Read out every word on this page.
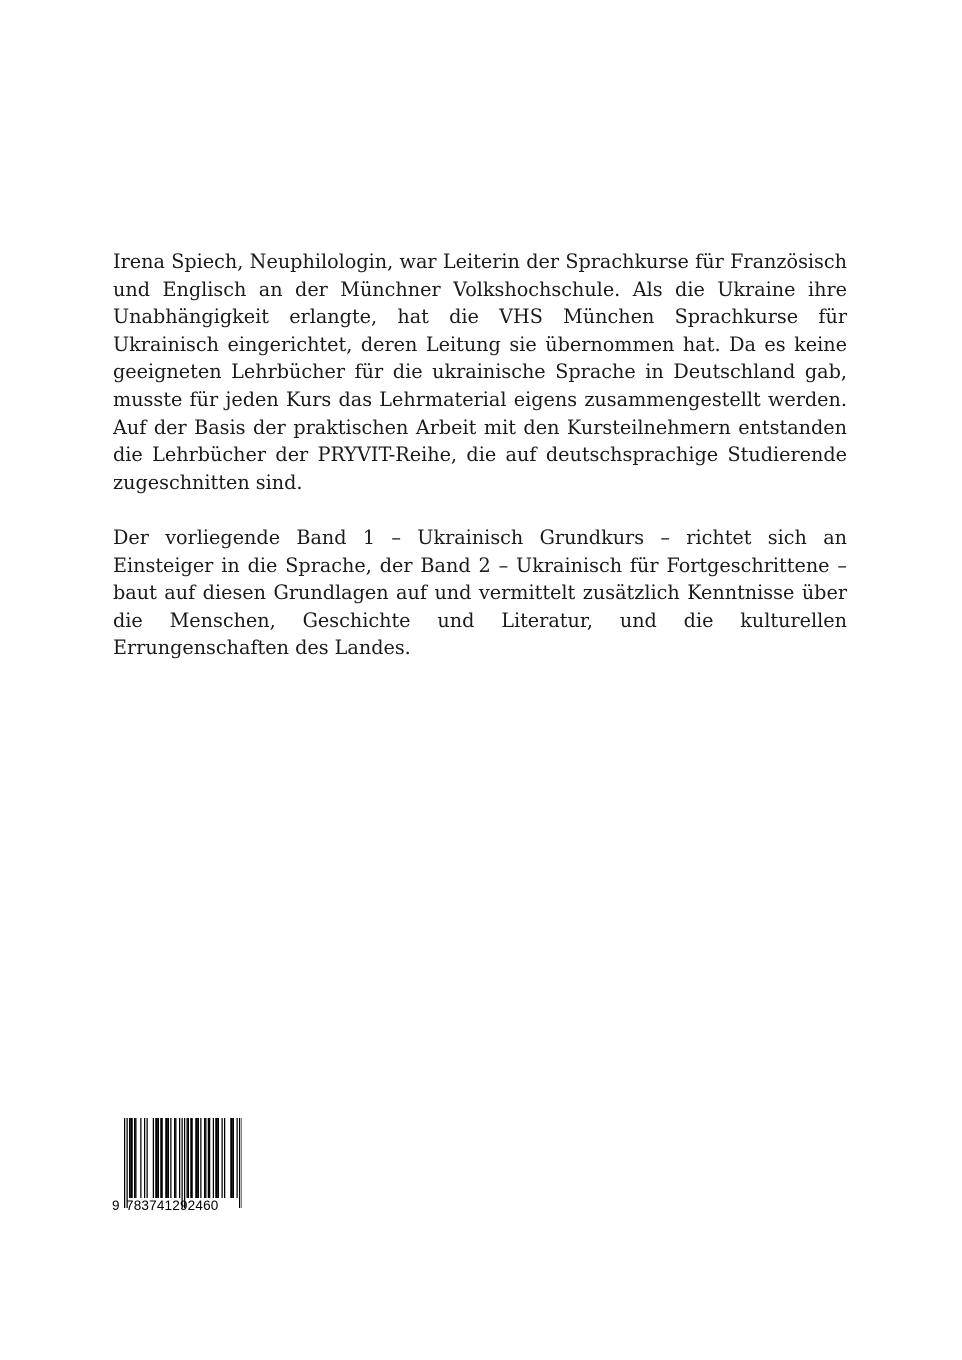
Irena Spiech, Neuphilologin, war Leiterin der Sprachkurse für Französisch und Englisch an der Münchner Volkshochschule. Als die Ukraine ihre Unabhängigkeit erlangte, hat die VHS München Sprachkurse für Ukrainisch eingerichtet, deren Leitung sie übernommen hat. Da es keine geeigneten Lehrbücher für die ukrainische Sprache in Deutschland gab, musste für jeden Kurs das Lehrmaterial eigens zusammengestellt werden. Auf der Basis der praktischen Arbeit mit den Kursteilnehmern entstanden die Lehrbücher der PRYVIT-Reihe, die auf deutschsprachige Studierende zugeschnitten sind.

Der vorliegende Band 1 – Ukrainisch Grundkurs – richtet sich an Einsteiger in die Sprache, der Band 2 – Ukrainisch für Fortgeschrittene – baut auf diesen Grundlagen auf und vermittelt zusätzlich Kenntnisse über die Menschen, Geschichte und Literatur, und die kulturellen Errungenschaften des Landes.

9 783741292460
